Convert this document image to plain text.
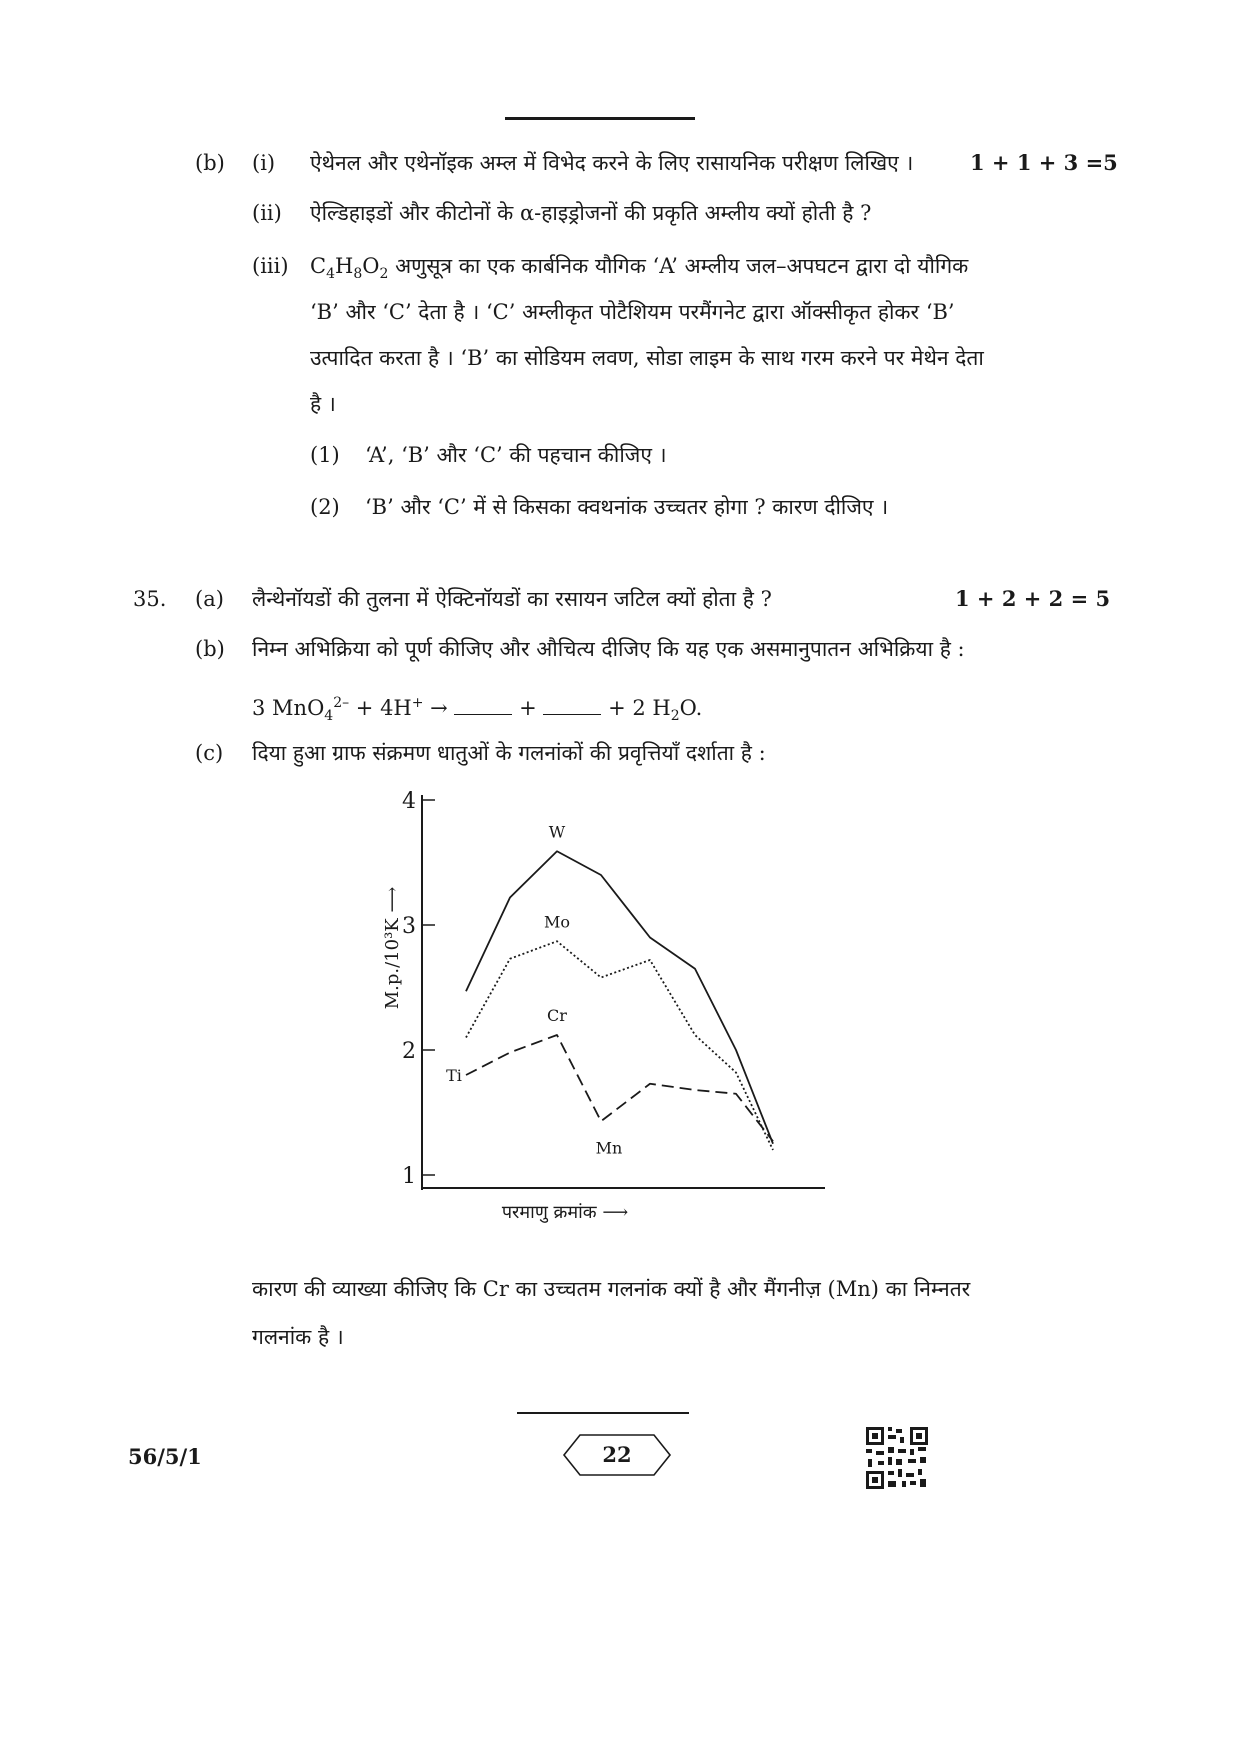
(b) (i) ऐथेनल और एथेनॉइक अम्ल में विभेद करने के लिए रासायनिक परीक्षण लिखिए ।	1 + 1 + 3 =5
(ii) ऐल्डिहाइडों और कीटोनों के α-हाइड्रोजनों की प्रकृति अम्लीय क्यों होती है ?
(iii) $C_4H_8O_2$ अणुसूत्र का एक कार्बनिक यौगिक ‘A’ अम्लीय जल–अपघटन द्वारा दो यौगिक
‘B’ और ‘C’ देता है । ‘C’ अम्लीकृत पोटैशियम परमैंगनेट द्वारा ऑक्सीकृत होकर ‘B’
उत्पादित करता है । ‘B’ का सोडियम लवण, सोडा लाइम के साथ गरम करने पर मेथेन देता
है ।
(1) ‘A’, ‘B’ और ‘C’ की पहचान कीजिए ।
(2) ‘B’ और ‘C’ में से किसका क्वथनांक उच्चतर होगा ? कारण दीजिए ।
35. (a) लैन्थेनॉयडों की तुलना में ऐक्टिनॉयडों का रसायन जटिल क्यों होता है ?	1 + 2 + 2 = 5
(b) निम्न अभिक्रिया को पूर्ण कीजिए और औचित्य दीजिए कि यह एक असमानुपातन अभिक्रिया है :
3 MnO$_4^{2-}$ + 4H+ →	+	+ 2 $H_2O$.
(c) दिया हुआ ग्राफ संक्रमण धातुओं के गलनांकों की प्रवृत्तियाँ दर्शाता है :
1
2
3
4
W
Mo
Cr
Ti
Mn
M.p./10³K ⟶
परमाणु क्रमांक ⟶
कारण की व्याख्या कीजिए कि Cr का उच्चतम गलनांक क्यों है और मैंगनीज़ (Mn) का निम्नतर
गलनांक है ।
56/5/1	22
